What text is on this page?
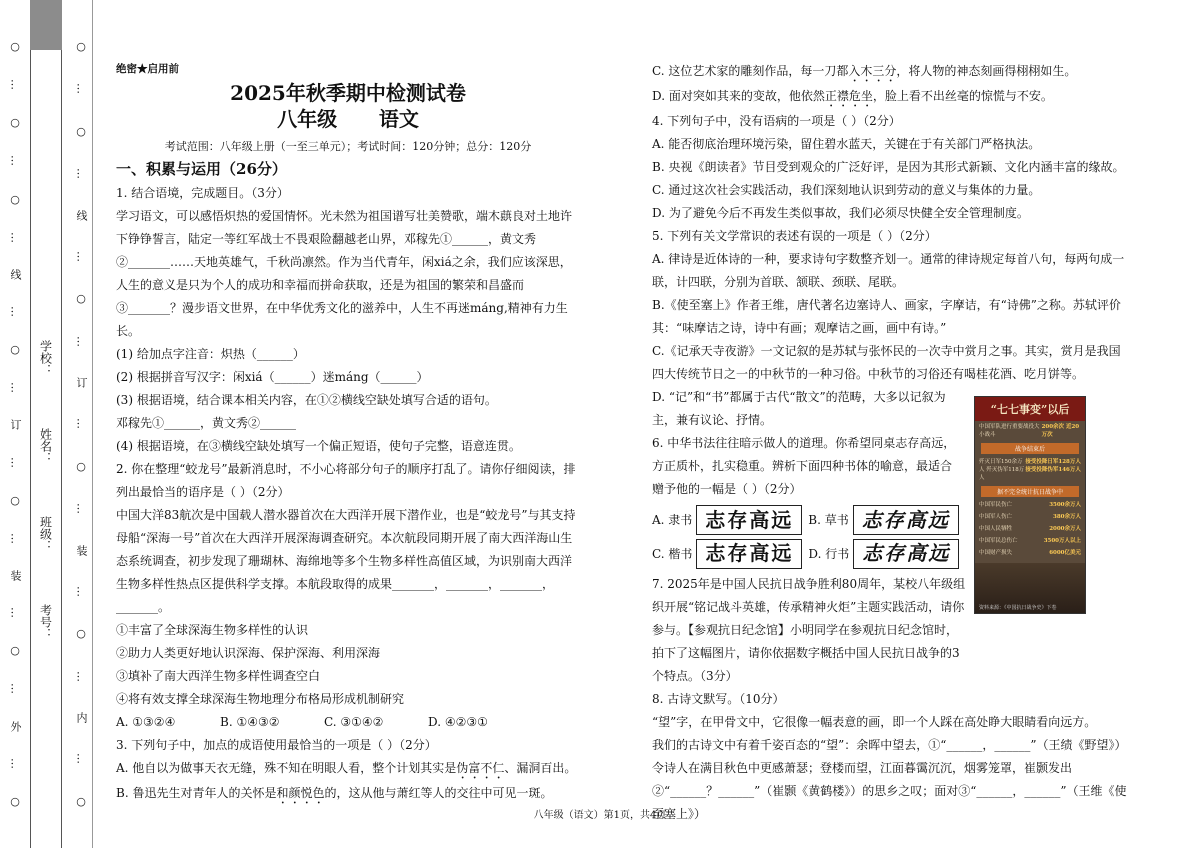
○
…
○
…
○
…
线
…
○
…
订
…
○
…
装
…
○
…
外
…
○
学校：
姓名：
班级：
考号：
○
…
○
…
线
…
○
…
订
…
○
…
装
…
○
…
内
…
○
绝密★启用前
2025年秋季期中检测试卷
八年级      语文
考试范围：八年级上册（一至三单元）；考试时间：120分钟；总分：120分
一、积累与运用（26分）

1. 结合语境，完成题目。（3分）

学习语文，可以感悟炽热的爱国情怀。光未然为祖国谱写壮美赞歌，端木蕻良对土地许下铮铮誓言，陆定一等红军战士不畏艰险翻越老山界，邓稼先①______，黄文秀②_______……天地英雄气，千秋尚凛然。作为当代青年，闲xiá之余，我们应该深思，人生的意义是只为个人的成功和幸福而拼命获取，还是为祖国的繁荣和昌盛而③_______？漫步语文世界，在中华优秀文化的滋养中，人生不再迷máng,精神有力生长。

(1) 给加点字注音：炽热（______）

(2) 根据拼音写汉字：闲xiá（______）迷máng（______）

(3) 根据语境，结合课本相关内容，在①②横线空缺处填写合适的语句。

邓稼先①______，黄文秀②______

(4) 根据语境，在③横线空缺处填写一个偏正短语，使句子完整，语意连贯。

2. 你在整理“蛟龙号”最新消息时，不小心将部分句子的顺序打乱了。请你仔细阅读，排列出最恰当的语序是（ ）（2分）

中国大洋83航次是中国载人潜水器首次在大西洋开展下潜作业，也是“蛟龙号”与其支持母船“深海一号”首次在大西洋开展深海调查研究。本次航段同期开展了南大西洋海山生态系统调查，初步发现了珊瑚林、海绵地等多个生物多样性高值区域，为识别南大西洋生物多样性热点区提供科学支撑。本航段取得的成果_______，_______，_______，_______。

①丰富了全球深海生物多样性的认识

②助力人类更好地认识深海、保护深海、利用深海

③填补了南大西洋生物多样性调查空白

④将有效支撑全球深海生物地理分布格局形成机制研究

A. ①③②④	B. ①④③②	C. ③①④②	D. ④②③①

3. 下列句子中，加点的成语使用最恰当的一项是（ ）（2分）

A. 他自以为做事天衣无缝，殊不知在明眼人看，整个计划其实是伪富不仁、漏洞百出。

B. 鲁迅先生对青年人的关怀是和颜悦色的，这从他与萧红等人的交往中可见一斑。

C. 这位艺术家的雕刻作品，每一刀都入木三分，将人物的神态刻画得栩栩如生。

D. 面对突如其来的变故，他依然正襟危坐，脸上看不出丝毫的惊慌与不安。

4. 下列句子中，没有语病的一项是（ ）（2分）

A. 能否彻底治理环境污染，留住碧水蓝天，关键在于有关部门严格执法。

B. 央视《朗读者》节目受到观众的广泛好评，是因为其形式新颖、文化内涵丰富的缘故。

C. 通过这次社会实践活动，我们深刻地认识到劳动的意义与集体的力量。

D. 为了避免今后不再发生类似事故，我们必须尽快健全安全管理制度。

5. 下列有关文学常识的表述有误的一项是（ ）（2分）

A. 律诗是近体诗的一种，要求诗句字数整齐划一。通常的律诗规定每首八句，每两句成一联，计四联，分别为首联、颔联、颈联、尾联。

B.《使至塞上》作者王维，唐代著名边塞诗人、画家，字摩诘，有“诗佛”之称。苏轼评价其：“味摩诘之诗，诗中有画；观摩诘之画，画中有诗。”

C.《记承天寺夜游》一文记叙的是苏轼与张怀民的一次寺中赏月之事。其实，赏月是我国四大传统节日之一的中秋节的一种习俗。中秋节的习俗还有喝桂花酒、吃月饼等。

D. “记”和“书”都属于古代“散文”的范畴，大多以记叙为主，兼有议论、抒情。

6. 中华书法往往暗示做人的道理。你希望同桌志存高远，方正质朴，扎实稳重。辨析下面四种书体的喻意，最适合赠予他的一幅是（ ）（2分）

A. 隶书 志存高远	B. 草书 志存高远
C. 楷书 志存高远	D. 行书 志存高远

7. 2025年是中国人民抗日战争胜利80周年，某校八年级组织开展“铭记战斗英雄，传承精神火炬”主题实践活动，请你参与。【参观抗日纪念馆】小明同学在参观抗日纪念馆时，拍下了这幅图片，请你依据数字概括中国人民抗日战争的3个特点。（3分）

8. 古诗文默写。（10分）

“望”字，在甲骨文中，它很像一幅表意的画，即一个人踩在高处睁大眼睛看向远方。

我们的古诗文中有着千姿百态的“望”：余晖中望去，①“______，______”（王绩《野望》）令诗人在满目秋色中更感萧瑟；登楼而望，江面暮霭沉沉，烟雾笼罩，崔颢发出②“______？______”（崔颢《黄鹤楼》）的思乡之叹；面对③“______，______”（王维《使至塞上》）

“七七事变”以后
中国军队进行重要战役大小战斗
200余次 近20万次
战争结束后
歼灭日军150余万人 歼灭伪军118万人
接受投降日军128万人 接受投降伪军146万人
据不完全统计抗日战争中
中国军民伤亡	3500余万人
中国军人伤亡	380余万人
中国人民牺牲	2000余万人
中国军民总伤亡	3500万人以上
中国财产损失	6000亿美元
资料来源：《中国抗日战争史》下卷
八年级（语文）第1页，共4页
